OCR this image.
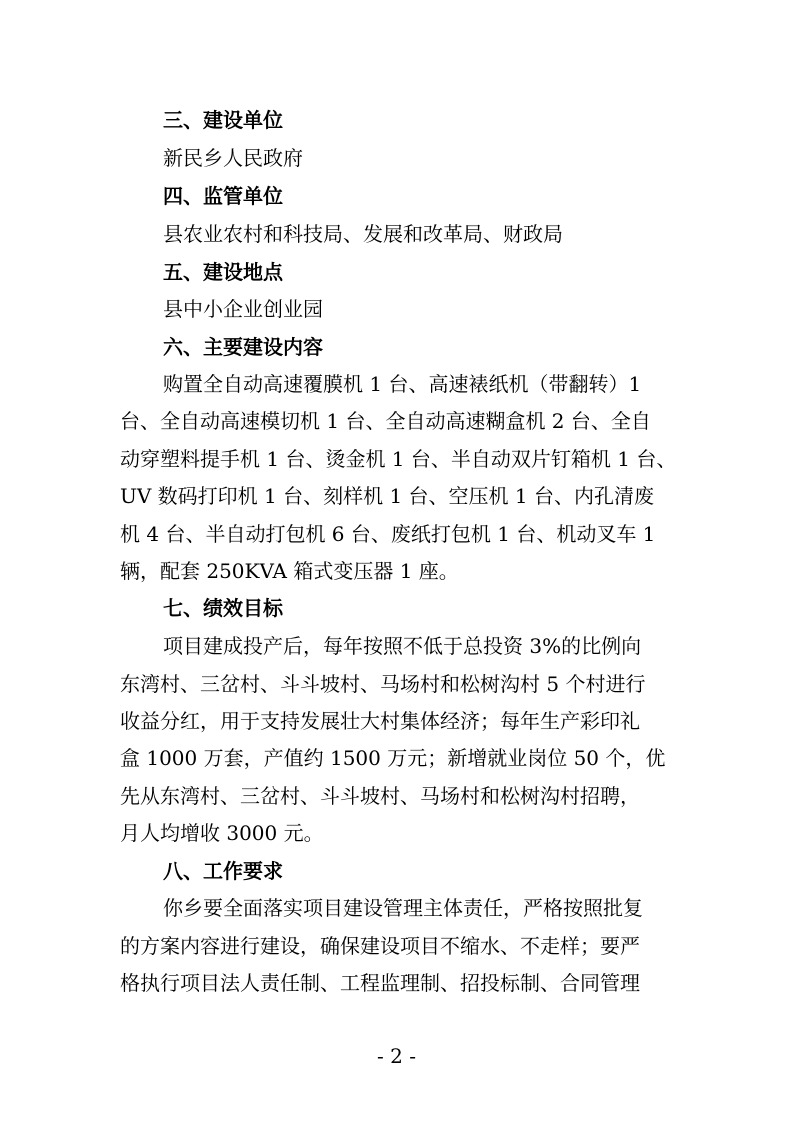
三、建设单位
新民乡人民政府
四、监管单位
县农业农村和科技局、发展和改革局、财政局
五、建设地点
县中小企业创业园
六、主要建设内容
购置全自动高速覆膜机 1 台、高速裱纸机（带翻转）1
台、全自动高速模切机 1 台、全自动高速糊盒机 2 台、全自
动穿塑料提手机 1 台、烫金机 1 台、半自动双片钉箱机 1 台、
UV 数码打印机 1 台、刻样机 1 台、空压机 1 台、内孔清废
机 4 台、半自动打包机 6 台、废纸打包机 1 台、机动叉车 1
辆，配套 250KVA 箱式变压器 1 座。
七、绩效目标
项目建成投产后，每年按照不低于总投资 3%的比例向
东湾村、三岔村、斗斗坡村、马场村和松树沟村 5 个村进行
收益分红，用于支持发展壮大村集体经济；每年生产彩印礼
盒 1000 万套，产值约 1500 万元；新增就业岗位 50 个，优
先从东湾村、三岔村、斗斗坡村、马场村和松树沟村招聘，
月人均增收 3000 元。
八、工作要求
你乡要全面落实项目建设管理主体责任，严格按照批复
的方案内容进行建设，确保建设项目不缩水、不走样；要严
格执行项目法人责任制、工程监理制、招投标制、合同管理
- 2 -
